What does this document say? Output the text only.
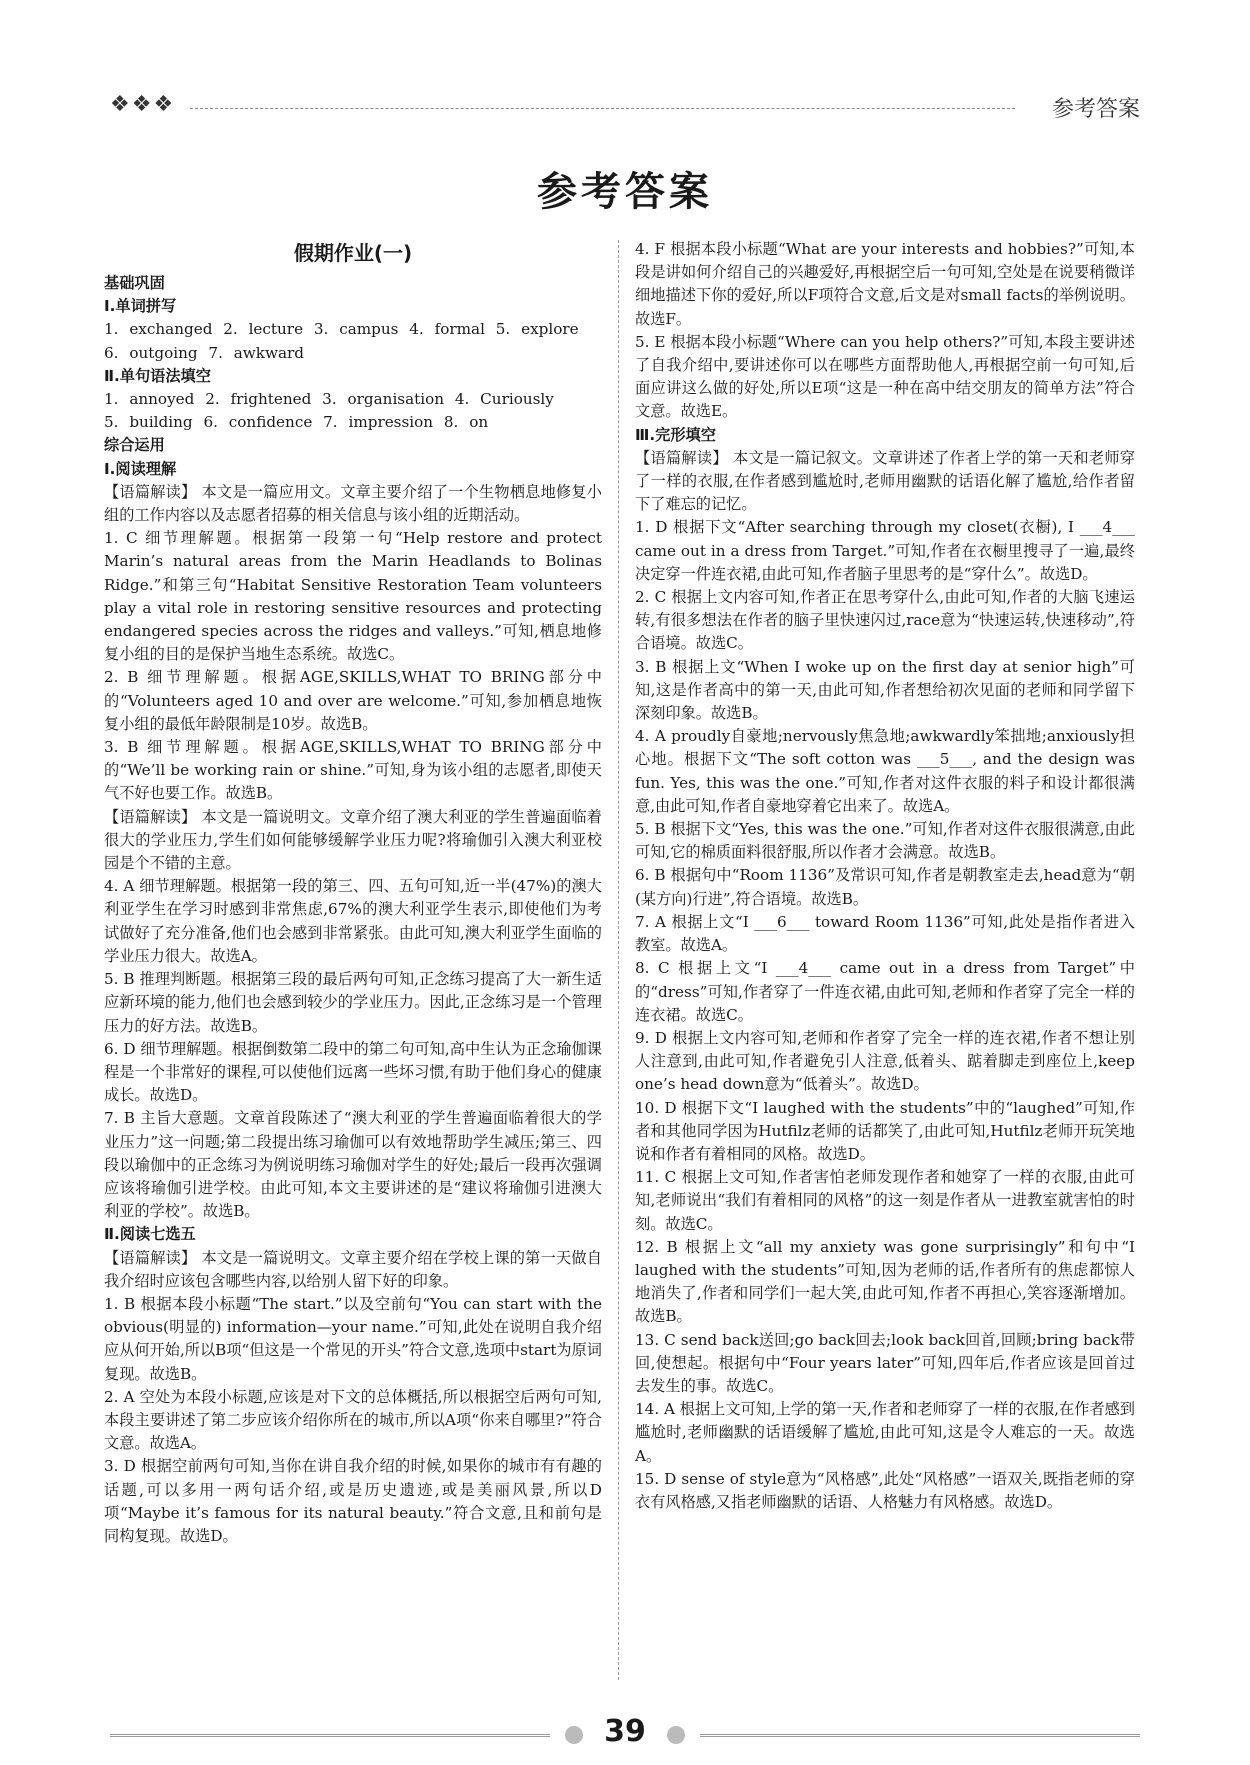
❖❖❖	参考答案
参考答案
假期作业(一)

基础巩固

Ⅰ.单词拼写

1. exchanged 2. lecture 3. campus 4. formal 5. explore

6. outgoing 7. awkward

Ⅱ.单句语法填空

1. annoyed 2. frightened 3. organisation 4. Curiously

5. building 6. confidence 7. impression 8. on

综合运用

Ⅰ.阅读理解

【语篇解读】 本文是一篇应用文。文章主要介绍了一个生物栖息地修复小组的工作内容以及志愿者招募的相关信息与该小组的近期活动。

1. C 细节理解题。根据第一段第一句“Help restore and protect Marin’s natural areas from the Marin Headlands to Bolinas Ridge.”和第三句“Habitat Sensitive Restoration Team volunteers play a vital role in restoring sensitive resources and protecting endangered species across the ridges and valleys.”可知,栖息地修复小组的目的是保护当地生态系统。故选C。

2. B 细节理解题。根据AGE,SKILLS,WHAT TO BRING部分中的“Volunteers aged 10 and over are welcome.”可知,参加栖息地恢复小组的最低年龄限制是10岁。故选B。

3. B 细节理解题。根据AGE,SKILLS,WHAT TO BRING部分中的“We’ll be working rain or shine.”可知,身为该小组的志愿者,即使天气不好也要工作。故选B。

【语篇解读】 本文是一篇说明文。文章介绍了澳大利亚的学生普遍面临着很大的学业压力,学生们如何能够缓解学业压力呢?将瑜伽引入澳大利亚校园是个不错的主意。

4. A 细节理解题。根据第一段的第三、四、五句可知,近一半(47%)的澳大利亚学生在学习时感到非常焦虑,67%的澳大利亚学生表示,即使他们为考试做好了充分准备,他们也会感到非常紧张。由此可知,澳大利亚学生面临的学业压力很大。故选A。

5. B 推理判断题。根据第三段的最后两句可知,正念练习提高了大一新生适应新环境的能力,他们也会感到较少的学业压力。因此,正念练习是一个管理压力的好方法。故选B。

6. D 细节理解题。根据倒数第二段中的第二句可知,高中生认为正念瑜伽课程是一个非常好的课程,可以使他们远离一些坏习惯,有助于他们身心的健康成长。故选D。

7. B 主旨大意题。文章首段陈述了“澳大利亚的学生普遍面临着很大的学业压力”这一问题;第二段提出练习瑜伽可以有效地帮助学生减压;第三、四段以瑜伽中的正念练习为例说明练习瑜伽对学生的好处;最后一段再次强调应该将瑜伽引进学校。由此可知,本文主要讲述的是“建议将瑜伽引进澳大利亚的学校”。故选B。

Ⅱ.阅读七选五

【语篇解读】 本文是一篇说明文。文章主要介绍在学校上课的第一天做自我介绍时应该包含哪些内容,以给别人留下好的印象。

1. B 根据本段小标题“The start.”以及空前句“You can start with the obvious(明显的) information—your name.”可知,此处在说明自我介绍应从何开始,所以B项“但这是一个常见的开头”符合文意,选项中start为原词复现。故选B。

2. A 空处为本段小标题,应该是对下文的总体概括,所以根据空后两句可知,本段主要讲述了第二步应该介绍你所在的城市,所以A项“你来自哪里?”符合文意。故选A。

3. D 根据空前两句可知,当你在讲自我介绍的时候,如果你的城市有有趣的话题,可以多用一两句话介绍,或是历史遗迹,或是美丽风景,所以D项“Maybe it’s famous for its natural beauty.”符合文意,且和前句是同构复现。故选D。

4. F 根据本段小标题“What are your interests and hobbies?”可知,本段是讲如何介绍自己的兴趣爱好,再根据空后一句可知,空处是在说要稍微详细地描述下你的爱好,所以F项符合文意,后文是对small facts的举例说明。故选F。

5. E 根据本段小标题“Where can you help others?”可知,本段主要讲述了自我介绍中,要讲述你可以在哪些方面帮助他人,再根据空前一句可知,后面应讲这么做的好处,所以E项“这是一种在高中结交朋友的简单方法”符合文意。故选E。

Ⅲ.完形填空

【语篇解读】 本文是一篇记叙文。文章讲述了作者上学的第一天和老师穿了一样的衣服,在作者感到尴尬时,老师用幽默的话语化解了尴尬,给作者留下了难忘的记忆。

1. D 根据下文“After searching through my closet(衣橱), I ___4___ came out in a dress from Target.”可知,作者在衣橱里搜寻了一遍,最终决定穿一件连衣裙,由此可知,作者脑子里思考的是“穿什么”。故选D。

2. C 根据上文内容可知,作者正在思考穿什么,由此可知,作者的大脑飞速运转,有很多想法在作者的脑子里快速闪过,race意为“快速运转,快速移动”,符合语境。故选C。

3. B 根据上文“When I woke up on the first day at senior high”可知,这是作者高中的第一天,由此可知,作者想给初次见面的老师和同学留下深刻印象。故选B。

4. A proudly自豪地;nervously焦急地;awkwardly笨拙地;anxiously担心地。根据下文“The soft cotton was ___5___, and the design was fun. Yes, this was the one.”可知,作者对这件衣服的料子和设计都很满意,由此可知,作者自豪地穿着它出来了。故选A。

5. B 根据下文“Yes, this was the one.”可知,作者对这件衣服很满意,由此可知,它的棉质面料很舒服,所以作者才会满意。故选B。

6. B 根据句中“Room 1136”及常识可知,作者是朝教室走去,head意为“朝(某方向)行进”,符合语境。故选B。

7. A 根据上文“I ___6___ toward Room 1136”可知,此处是指作者进入教室。故选A。

8. C 根据上文“I ___4___ came out in a dress from Target”中的“dress”可知,作者穿了一件连衣裙,由此可知,老师和作者穿了完全一样的连衣裙。故选C。

9. D 根据上文内容可知,老师和作者穿了完全一样的连衣裙,作者不想让别人注意到,由此可知,作者避免引人注意,低着头、踮着脚走到座位上,keep one’s head down意为“低着头”。故选D。

10. D 根据下文“I laughed with the students”中的“laughed”可知,作者和其他同学因为Hutfilz老师的话都笑了,由此可知,Hutfilz老师开玩笑地说和作者有着相同的风格。故选D。

11. C 根据上文可知,作者害怕老师发现作者和她穿了一样的衣服,由此可知,老师说出“我们有着相同的风格”的这一刻是作者从一进教室就害怕的时刻。故选C。

12. B 根据上文“all my anxiety was gone surprisingly”和句中“I laughed with the students”可知,因为老师的话,作者所有的焦虑都惊人地消失了,作者和同学们一起大笑,由此可知,作者不再担心,笑容逐渐增加。故选B。

13. C send back送回;go back回去;look back回首,回顾;bring back带回,使想起。根据句中“Four years later”可知,四年后,作者应该是回首过去发生的事。故选C。

14. A 根据上文可知,上学的第一天,作者和老师穿了一样的衣服,在作者感到尴尬时,老师幽默的话语缓解了尴尬,由此可知,这是令人难忘的一天。故选A。

15. D sense of style意为“风格感”,此处“风格感”一语双关,既指老师的穿衣有风格感,又指老师幽默的话语、人格魅力有风格感。故选D。

39
